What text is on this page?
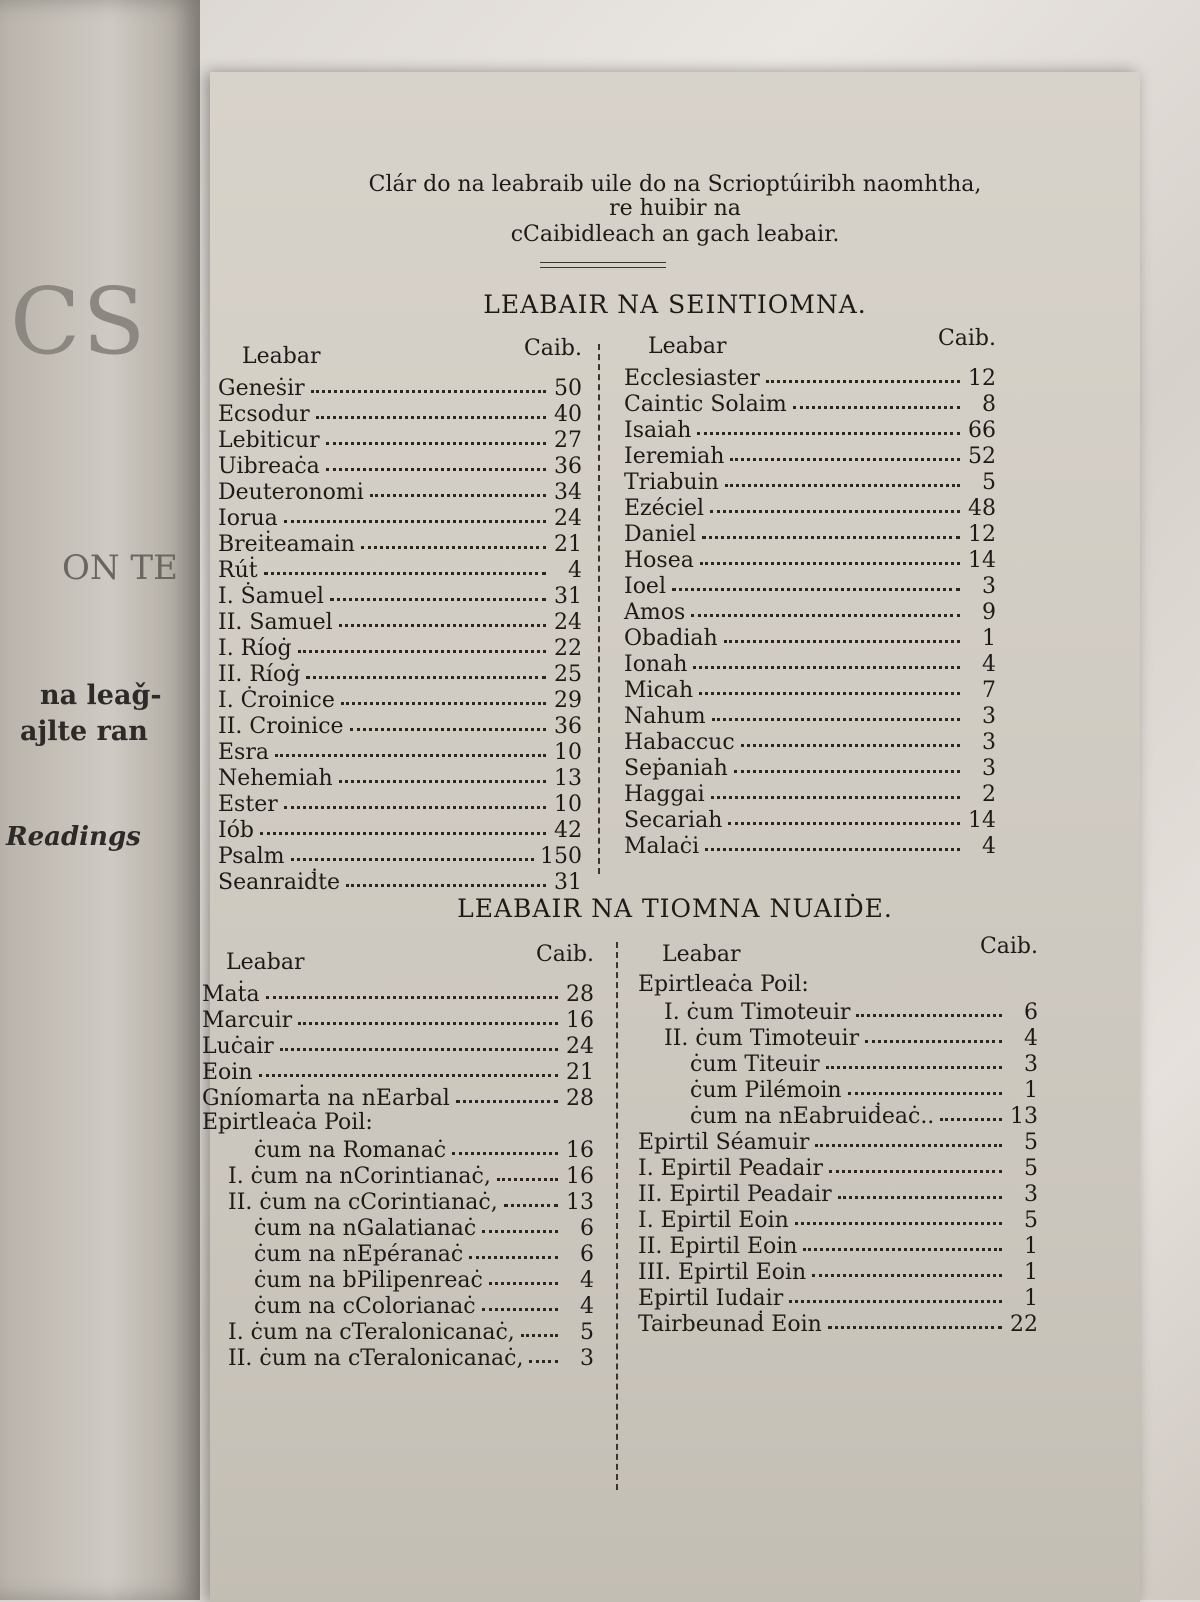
CS
ON TE
na leaǧ-
ajlte ran
Readings
Clár do na leabraib uile do na Scrioptúiribh naomhtha,
re huibir na
cCaibidleach an gach leabair.
LEABAIR NA SEINTIOMNA.
Leabar	Caib.
Geneṡir	50
Ecsodur	40
Lebiticur	27
Uibreaċa	36
Deuteronomi	34
Iorua	24
Breiṫeamain	21
Rúṫ	4
I. Ṡamuel	31
II. Samuel	24
I. Ríoġ	22
II. Ríoġ	25
I. Ċroinice	29
II. Croinice	36
Esra	10
Nehemiah	13
Ester	10
Iób	42
Psalm	150
Seanraiḋte	31
Leabar	Caib.
Ecclesiaster	12
Caintic Solaim	8
Isaiah	66
Ieremiah	52
Triabuin	5
Ezéciel	48
Daniel	12
Hosea	14
Ioel	3
Amos	9
Obadiah	1
Ionah	4
Micah	7
Nahum	3
Habaccuc	3
Seṗaniah	3
Haggai	2
Secariah	14
Malaċi	4
LEABAIR NA TIOMNA NUAIḊE.
Leabar	Caib.
Maṫa	28
Marcuir	16
Luċair	24
Eoin	21
Gníomarṫa na nEarbal	28
Epirtleaċa Poil:
ċum na Romanaċ	16
I. ċum na nCorintianaċ,	16
II. ċum na cCorintianaċ,	13
ċum na nGalatianaċ	6
ċum na nEpéranaċ	6
ċum na bPilipenreaċ	4
ċum na cColorianaċ	4
I. ċum na cTeralonicanaċ,	5
II. ċum na cTeralonicanaċ,	3
Leabar	Caib.
Epirtleaċa Poil:
I. ċum Timoteuir	6
II. ċum Timoteuir	4
ċum Titeuir	3
ċum Pilémoin	1
ċum na nEabruiḋeaċ..	13
Epirtil Séamuir	5
I. Epirtil Peadair	5
II. Epirtil Peadair	3
I. Epirtil Eoin	5
II. Epirtil Eoin	1
III. Epirtil Eoin	1
Epirtil Iudair	1
Tairbeunaḋ Eoin	22
